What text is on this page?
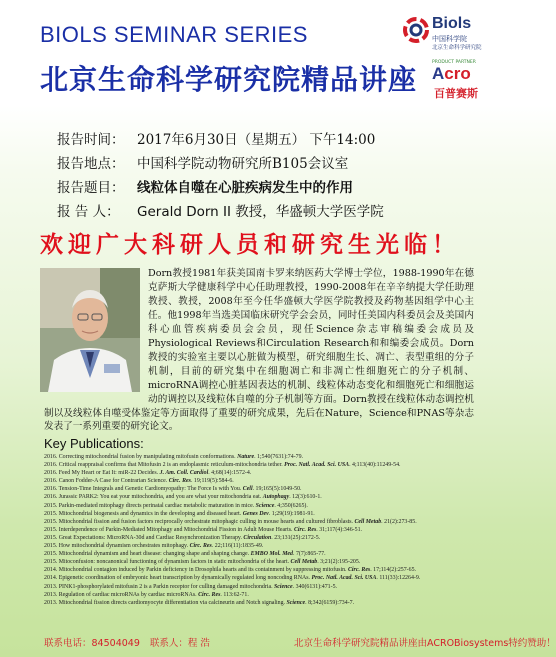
BIOLS SEMINAR SERIES
北京生命科学研究院精品讲座
Biols
中国科学院
北京生命科学研究院
PRODUCT PARTNER
Acro
百普赛斯
报告时间： 2017年6月30日（星期五） 下午14:00
报告地点： 中国科学院动物研究所B105会议室
报告题目： 线粒体自噬在心脏疾病发生中的作用
报 告 人： Gerald Dorn II 教授，华盛顿大学医学院
欢迎广大科研人员和研究生光临！
Dorn教授1981年获美国南卡罗来纳医药大学博士学位，1988-1990年在德克萨斯大学健康科学中心任助理教授，1990-2008年在辛辛纳提大学任助理教授、教授，2008年至今任华盛顿大学医学院教授及药物基因组学中心主任。他1998年当选美国临床研究学会会员，同时任美国内科委员会及美国内科心血管疾病委员会会员，现任Science杂志审稿编委会成员及Physiological Reviews和Circulation Research和和编委会成员。Dorn教授的实验室主要以心脏做为模型，研究细胞生长、凋亡、表型重组的分子机制，目前的研究集中在细胞凋亡和非凋亡性细胞死亡的分子机制、microRNA调控心脏基因表达的机制、线粒体动态变化和细胞死亡和细胞运动的调控以及线粒体自噬的分子机制等方面。Dorn教授在线粒体动态调控机制以及线粒体自噬受体鉴定等方面取得了重要的研究成果，先后在Nature，Science和PNAS等杂志发表了一系列重要的研究论文。
Key Publications:
2016. Correcting mitochondrial fusion by manipulating mitofusin conformations. Nature. 1;540(7631):74-79.
2016. Critical reappraisal confirms that Mitofusin 2 is an endoplasmic reticulum-mitochondria tether. Proc. Natl. Acad. Sci. USA. 4;113(40):11249-54.
2016. Feed My Heart or Eat It: miR-22 Decides. J. Am. Coll. Cardiol. 4;68(14):1572-4.
2016. Canon Fodder-A Case for Contrarian Science. Circ. Res. 19;119(5):584-6.
2016. Tension-Time Integrals and Genetic Cardiomyopathy: The Force Is with You. Cell. 19;165(5):1049-50.
2016. Jurassic PARK2: You eat your mitochondria, and you are what your mitochondria eat. Autophagy. 12(3):610-1.
2015. Parkin-mediated mitophagy directs perinatal cardiac metabolic maturation in mice. Science. 4;350(6265).
2015. Mitochondrial biogenesis and dynamics in the developing and diseased heart. Genes Dev. 1;29(19):1981-91.
2015. Mitochondrial fission and fusion factors reciprocally orchestrate mitophagic culling in mouse hearts and cultured fibroblasts. Cell Metab. 21(2):273-85.
2015. Interdependence of Parkin-Mediated Mitophagy and Mitochondrial Fission in Adult Mouse Hearts. Circ. Res. 31;117(4):346-51.
2015. Great Expectations: MicroRNA-30d and Cardiac Resynchronization Therapy. Circulation. 23;131(25):2172-5.
2015. How mitochondrial dynamism orchestrates mitophagy. Circ. Res. 22;116(11):1835-49.
2015. Mitochondrial dynamism and heart disease: changing shape and shaping change. EMBO Mol. Med. 7(7):865-77.
2015. Mitoconfusion: noncanonical functioning of dynamism factors in static mitochondria of the heart. Cell Metab. 3;21(2):195-205.
2014. Mitochondrial contagion induced by Parkin deficiency in Drosophila hearts and its containment by suppressing mitofusin. Circ. Res. 17;114(2):257-65.
2014. Epigenetic coordination of embryonic heart transcription by dynamically regulated long noncoding RNAs. Proc. Natl. Acad. Sci. USA. 111(33):12264-9.
2013. PINK1-phosphorylated mitofusin 2 is a Parkin receptor for culling damaged mitochondria. Science. 340(6131):471-5.
2013. Regulation of cardiac microRNAs by cardiac microRNAs. Circ. Res. 113:62-71.
2013. Mitochondrial fission directs cardiomyocyte differentiation via calcineurin and Notch signaling. Science. 8;342(6159):734-7.
联系电话：84504049 联系人：程 浩	北京生命科学研究院精品讲座由ACROBiosystems特约赞助！
